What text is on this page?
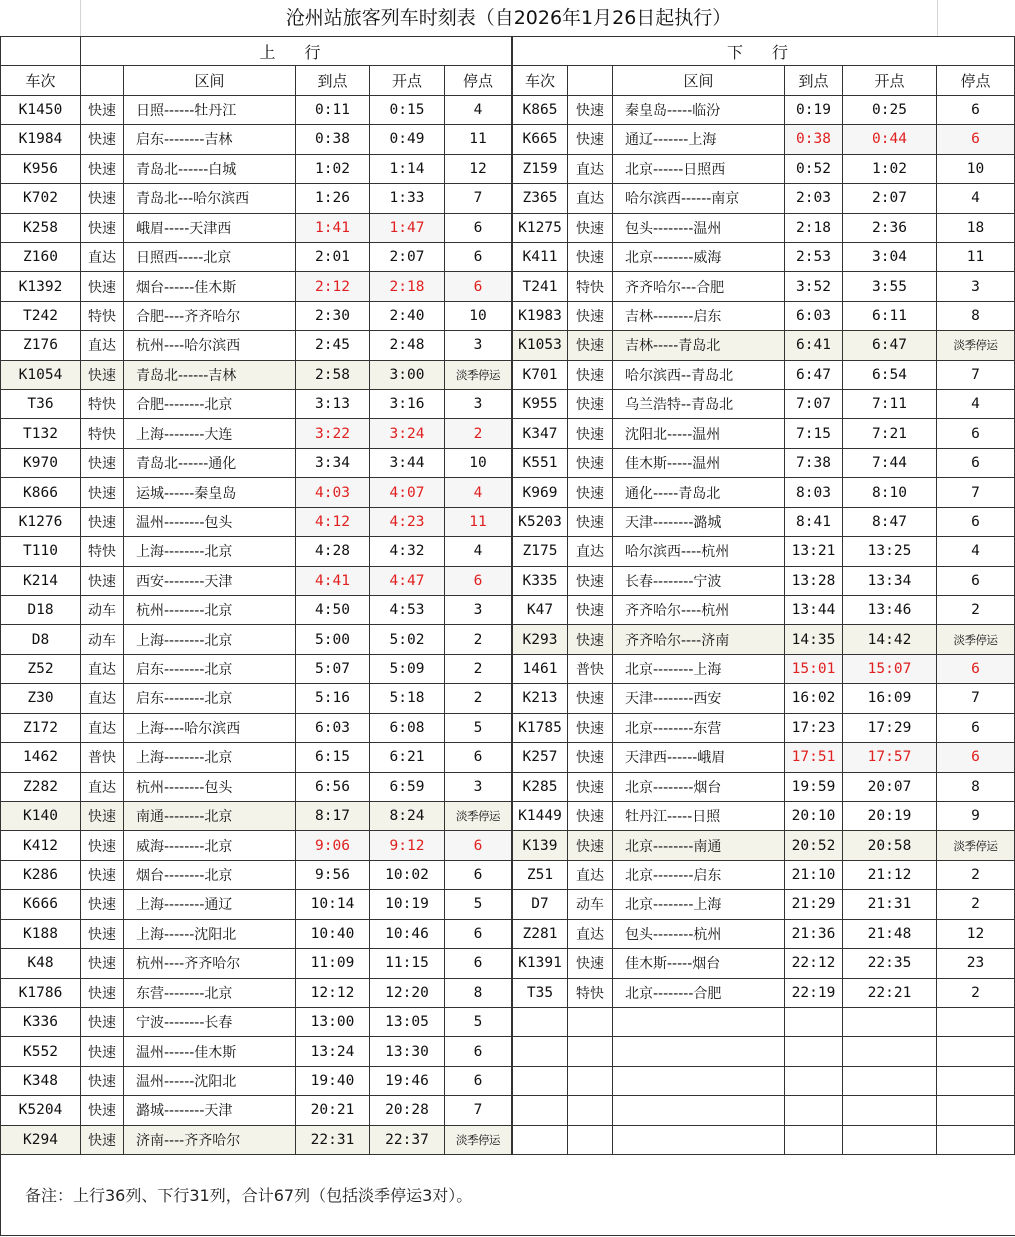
沧州站旅客列车时刻表（自2026年1月26日起执行）
	上 行				
车次		区间	到点	开点	停点
K1450	快速	日照------牡丹江	0:11	0:15	4
K1984	快速	启东--------吉林	0:38	0:49	11
K956	快速	青岛北------白城	1:02	1:14	12
K702	快速	青岛北---哈尔滨西	1:26	1:33	7
K258	快速	峨眉-----天津西	1:41	1:47	6
Z160	直达	日照西-----北京	2:01	2:07	6
K1392	快速	烟台------佳木斯	2:12	2:18	6
T242	特快	合肥----齐齐哈尔	2:30	2:40	10
Z176	直达	杭州----哈尔滨西	2:45	2:48	3
K1054	快速	青岛北------吉林	2:58	3:00	淡季停运
T36	特快	合肥--------北京	3:13	3:16	3
T132	特快	上海--------大连	3:22	3:24	2
K970	快速	青岛北------通化	3:34	3:44	10
K866	快速	运城------秦皇岛	4:03	4:07	4
K1276	快速	温州--------包头	4:12	4:23	11
T110	特快	上海--------北京	4:28	4:32	4
K214	快速	西安--------天津	4:41	4:47	6
D18	动车	杭州--------北京	4:50	4:53	3
D8	动车	上海--------北京	5:00	5:02	2
Z52	直达	启东--------北京	5:07	5:09	2
Z30	直达	启东--------北京	5:16	5:18	2
Z172	直达	上海----哈尔滨西	6:03	6:08	5
1462	普快	上海--------北京	6:15	6:21	6
Z282	直达	杭州--------包头	6:56	6:59	3
K140	快速	南通--------北京	8:17	8:24	淡季停运
K412	快速	威海--------北京	9:06	9:12	6
K286	快速	烟台--------北京	9:56	10:02	6
K666	快速	上海--------通辽	10:14	10:19	5
K188	快速	上海------沈阳北	10:40	10:46	6
K48	快速	杭州----齐齐哈尔	11:09	11:15	6
K1786	快速	东营--------北京	12:12	12:20	8
K336	快速	宁波--------长春	13:00	13:05	5
K552	快速	温州------佳木斯	13:24	13:30	6
K348	快速	温州------沈阳北	19:40	19:46	6
K5204	快速	潞城--------天津	20:21	20:28	7
K294	快速	济南----齐齐哈尔	22:31	22:37	淡季停运
下 行					
车次		区间	到点	开点	停点
K865	快速	秦皇岛-----临汾	0:19	0:25	6
K665	快速	通辽-------上海	0:38	0:44	6
Z159	直达	北京------日照西	0:52	1:02	10
Z365	直达	哈尔滨西------南京	2:03	2:07	4
K1275	快速	包头--------温州	2:18	2:36	18
K411	快速	北京--------威海	2:53	3:04	11
T241	特快	齐齐哈尔---合肥	3:52	3:55	3
K1983	快速	吉林--------启东	6:03	6:11	8
K1053	快速	吉林-----青岛北	6:41	6:47	淡季停运
K701	快速	哈尔滨西--青岛北	6:47	6:54	7
K955	快速	乌兰浩特--青岛北	7:07	7:11	4
K347	快速	沈阳北-----温州	7:15	7:21	6
K551	快速	佳木斯-----温州	7:38	7:44	6
K969	快速	通化-----青岛北	8:03	8:10	7
K5203	快速	天津--------潞城	8:41	8:47	6
Z175	直达	哈尔滨西----杭州	13:21	13:25	4
K335	快速	长春--------宁波	13:28	13:34	6
K47	快速	齐齐哈尔----杭州	13:44	13:46	2
K293	快速	齐齐哈尔----济南	14:35	14:42	淡季停运
1461	普快	北京--------上海	15:01	15:07	6
K213	快速	天津--------西安	16:02	16:09	7
K1785	快速	北京--------东营	17:23	17:29	6
K257	快速	天津西------峨眉	17:51	17:57	6
K285	快速	北京--------烟台	19:59	20:07	8
K1449	快速	牡丹江-----日照	20:10	20:19	9
K139	快速	北京--------南通	20:52	20:58	淡季停运
Z51	直达	北京--------启东	21:10	21:12	2
D7	动车	北京--------上海	21:29	21:31	2
Z281	直达	包头--------杭州	21:36	21:48	12
K1391	快速	佳木斯-----烟台	22:12	22:35	23
T35	特快	北京--------合肥	22:19	22:21	2

备注：上行36列、下行31列，合计67列（包括淡季停运3对）。
